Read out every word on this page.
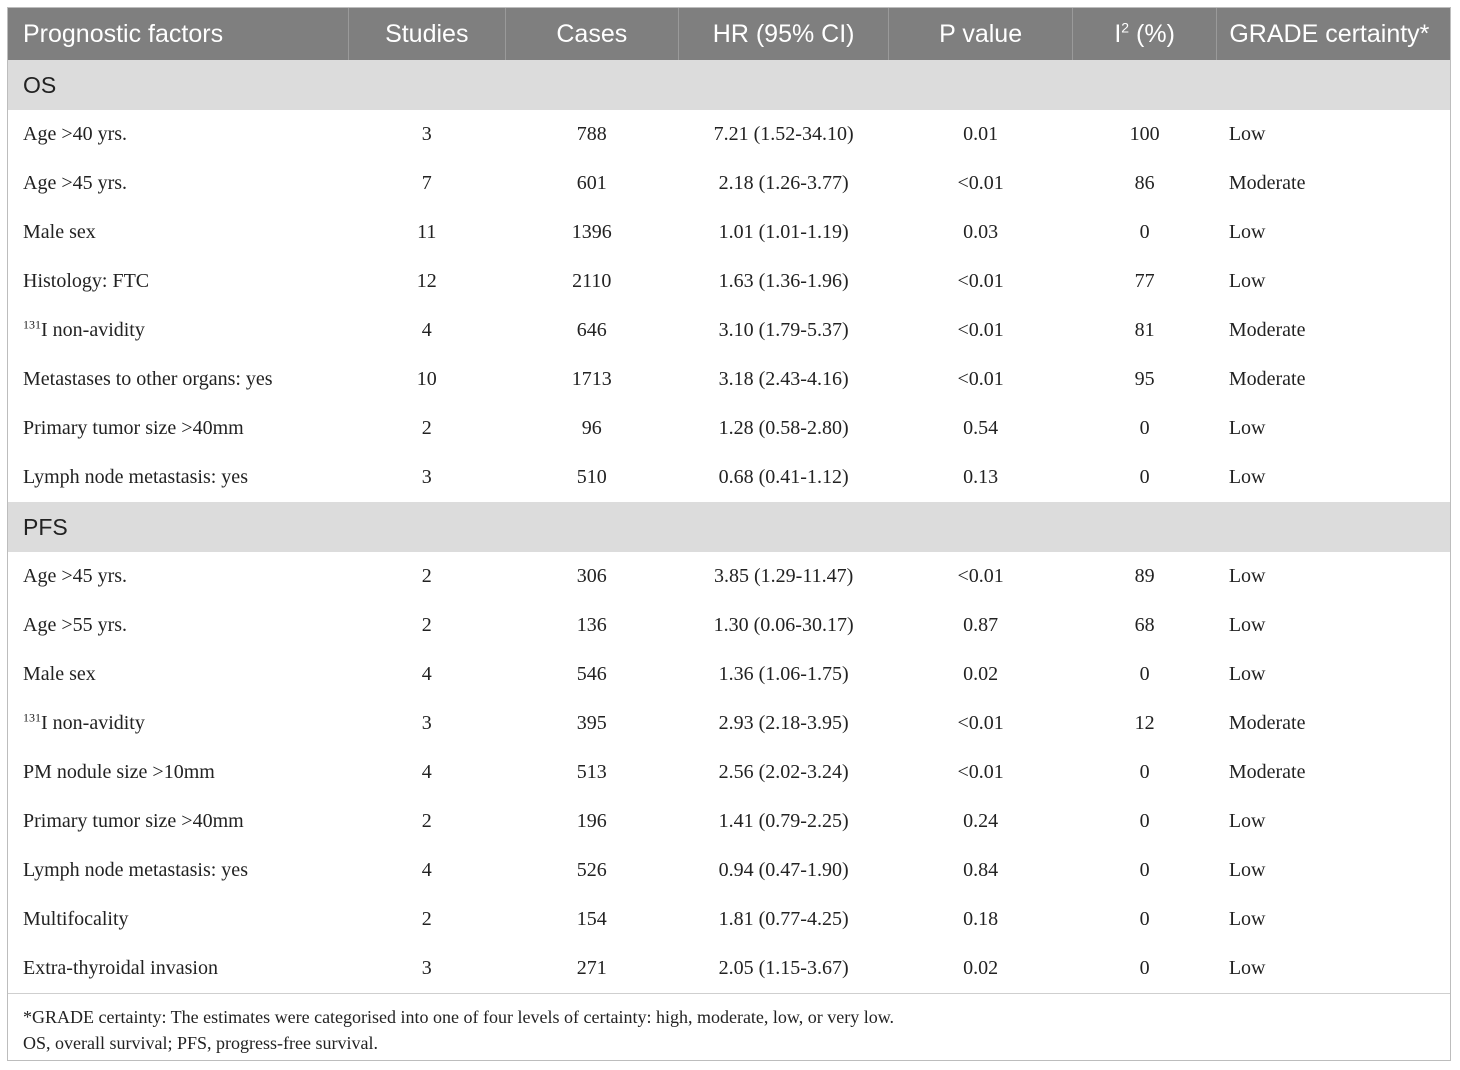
Prognostic factors	Studies	Cases	HR (95% CI)	P value	$I^2$ (%)	GRADE certainty*
OS						
Age >40 yrs.	3	788	7.21 (1.52-34.10)	0.01	100	Low
Age >45 yrs.	7	601	2.18 (1.26-3.77)	<0.01	86	Moderate
Male sex	11	1396	1.01 (1.01-1.19)	0.03	0	Low
Histology: FTC	12	2110	1.63 (1.36-1.96)	<0.01	77	Low
$^{131}$I non-avidity	4	646	3.10 (1.79-5.37)	<0.01	81	Moderate
Metastases to other organs: yes	10	1713	3.18 (2.43-4.16)	<0.01	95	Moderate
Primary tumor size >40mm	2	96	1.28 (0.58-2.80)	0.54	0	Low
Lymph node metastasis: yes	3	510	0.68 (0.41-1.12)	0.13	0	Low
PFS						
Age >45 yrs.	2	306	3.85 (1.29-11.47)	<0.01	89	Low
Age >55 yrs.	2	136	1.30 (0.06-30.17)	0.87	68	Low
Male sex	4	546	1.36 (1.06-1.75)	0.02	0	Low
$^{131}$I non-avidity	3	395	2.93 (2.18-3.95)	<0.01	12	Moderate
PM nodule size >10mm	4	513	2.56 (2.02-3.24)	<0.01	0	Moderate
Primary tumor size >40mm	2	196	1.41 (0.79-2.25)	0.24	0	Low
Lymph node metastasis: yes	4	526	0.94 (0.47-1.90)	0.84	0	Low
Multifocality	2	154	1.81 (0.77-4.25)	0.18	0	Low
Extra-thyroidal invasion	3	271	2.05 (1.15-3.67)	0.02	0	Low
*GRADE certainty: The estimates were categorised into one of four levels of certainty: high, moderate, low, or very low.
OS, overall survival; PFS, progress-free survival.
